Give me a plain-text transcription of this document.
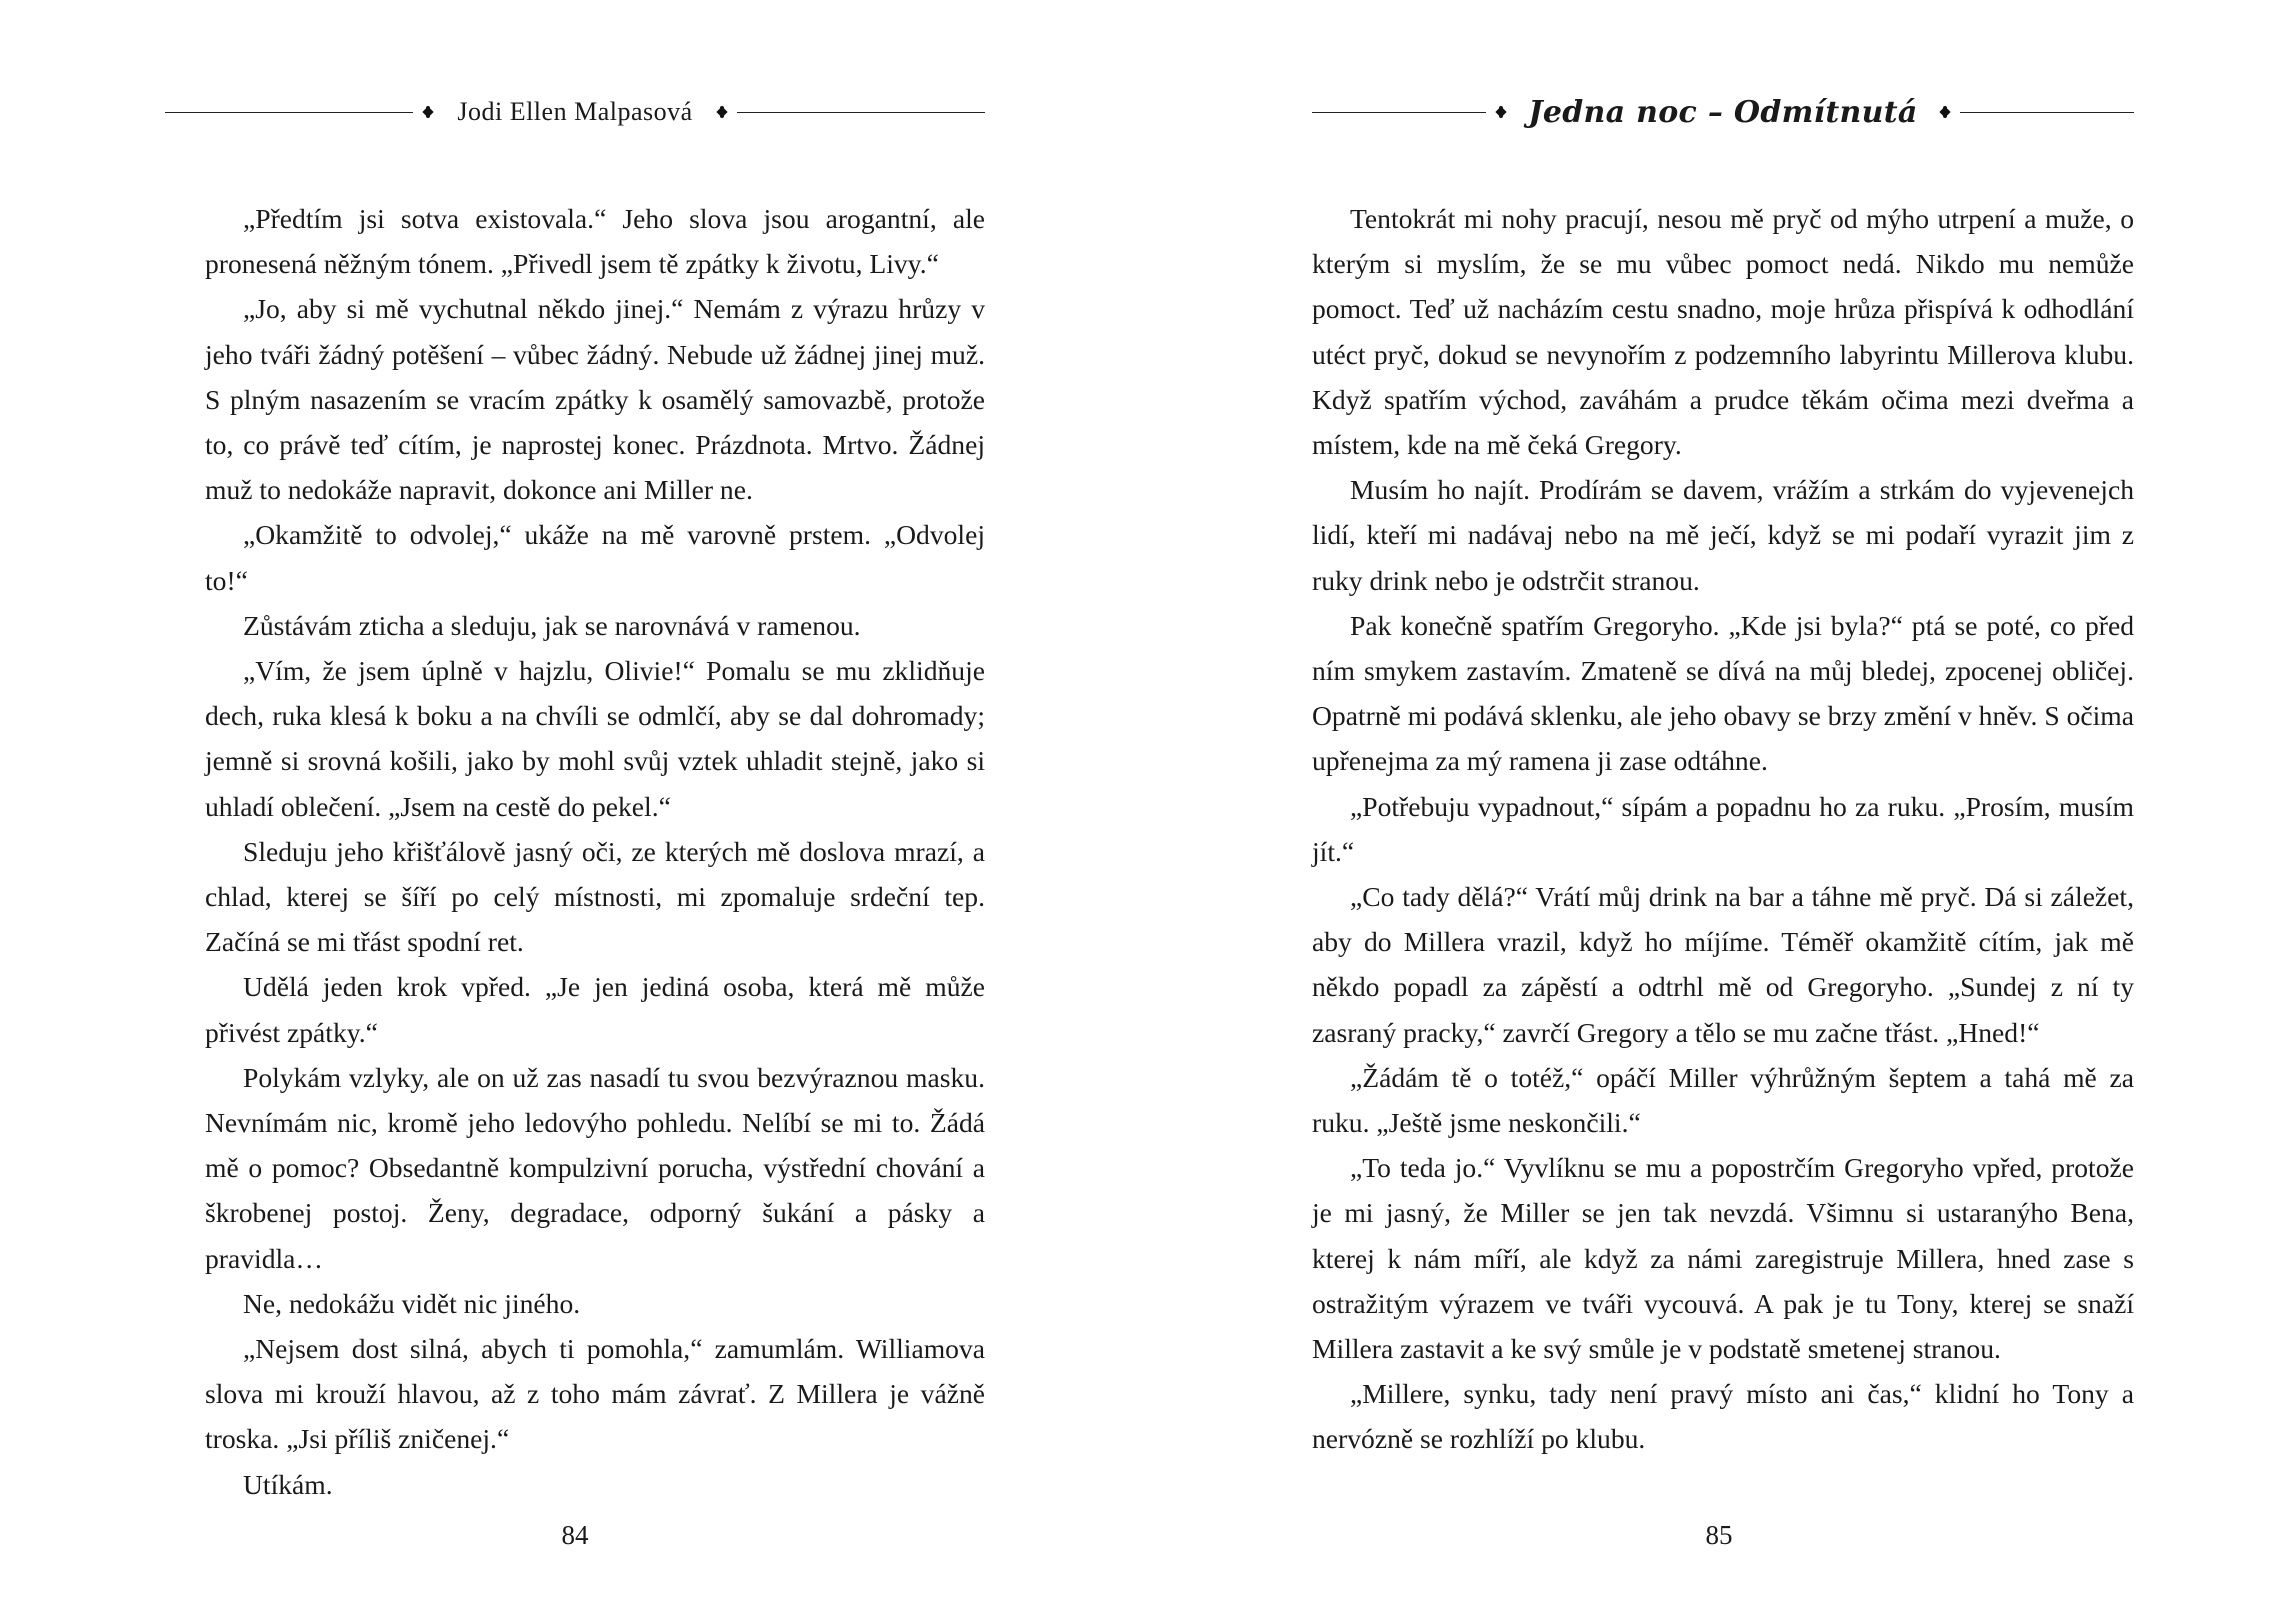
Jodi Ellen Malpasová

„Předtím jsi sotva existovala.“ Jeho slova jsou arogantní, ale pronesená něžným tónem. „Přivedl jsem tě zpátky k životu, Livy.“

„Jo, aby si mě vychutnal někdo jinej.“ Nemám z výrazu hrůzy v jeho tváři žádný potěšení – vůbec žádný. Nebude už žádnej jinej muž. S plným nasazením se vracím zpátky k osamělý samovazbě, protože to, co právě teď cítím, je naprostej konec. Prázdnota. Mrtvo. Žádnej muž to nedokáže napravit, dokonce ani Miller ne.

„Okamžitě to odvolej,“ ukáže na mě varovně prstem. „Odvolej to!“

Zůstávám zticha a sleduju, jak se narovnává v ramenou.

„Vím, že jsem úplně v hajzlu, Olivie!“ Pomalu se mu zklidňuje dech, ruka klesá k boku a na chvíli se odmlčí, aby se dal dohromady; jemně si srovná košili, jako by mohl svůj vztek uhladit stejně, jako si uhladí oblečení. „Jsem na cestě do pekel.“

Sleduju jeho křišťálově jasný oči, ze kterých mě doslova mrazí, a chlad, kterej se šíří po celý místnosti, mi zpomaluje srdeční tep. Začíná se mi třást spodní ret.

Udělá jeden krok vpřed. „Je jen jediná osoba, která mě může přivést zpátky.“

Polykám vzlyky, ale on už zas nasadí tu svou bezvýraznou masku. Nevnímám nic, kromě jeho ledovýho pohledu. Nelíbí se mi to. Žádá mě o pomoc? Obsedantně kompulzivní porucha, výstřední chování a škrobenej postoj. Ženy, degradace, odporný šukání a pásky a pravidla…

Ne, nedokážu vidět nic jiného.

„Nejsem dost silná, abych ti pomohla,“ zamumlám. Williamova slova mi krouží hlavou, až z toho mám závrať. Z Millera je vážně troska. „Jsi příliš zničenej.“

Utíkám.

84
Jedna noc – Odmítnutá

Tentokrát mi nohy pracují, nesou mě pryč od mýho utrpení a muže, o kterým si myslím, že se mu vůbec pomoct nedá. Nikdo mu nemůže pomoct. Teď už nacházím cestu snadno, moje hrůza přispívá k odhodlání utéct pryč, dokud se nevynořím z podzemního labyrintu Millerova klubu. Když spatřím východ, zaváhám a prudce těkám očima mezi dveřma a místem, kde na mě čeká Gregory.

Musím ho najít. Prodírám se davem, vrážím a strkám do vyjevenejch lidí, kteří mi nadávaj nebo na mě ječí, když se mi podaří vyrazit jim z ruky drink nebo je odstrčit stranou.

Pak konečně spatřím Gregoryho. „Kde jsi byla?“ ptá se poté, co před ním smykem zastavím. Zmateně se dívá na můj bledej, zpocenej obličej. Opatrně mi podává sklenku, ale jeho obavy se brzy změní v hněv. S očima upřenejma za mý ramena ji zase odtáhne.

„Potřebuju vypadnout,“ sípám a popadnu ho za ruku. „Prosím, musím jít.“

„Co tady dělá?“ Vrátí můj drink na bar a táhne mě pryč. Dá si záležet, aby do Millera vrazil, když ho míjíme. Téměř okamžitě cítím, jak mě někdo popadl za zápěstí a odtrhl mě od Gregoryho. „Sundej z ní ty zasraný pracky,“ zavrčí Gregory a tělo se mu začne třást. „Hned!“

„Žádám tě o totéž,“ opáčí Miller výhrůžným šeptem a tahá mě za ruku. „Ještě jsme neskončili.“

„To teda jo.“ Vyvlíknu se mu a popostrčím Gregoryho vpřed, protože je mi jasný, že Miller se jen tak nevzdá. Všimnu si ustaranýho Bena, kterej k nám míří, ale když za námi zaregistruje Millera, hned zase s ostražitým výrazem ve tváři vycouvá. A pak je tu Tony, kterej se snaží Millera zastavit a ke svý smůle je v podstatě smetenej stranou.

„Millere, synku, tady není pravý místo ani čas,“ klidní ho Tony a nervózně se rozhlíží po klubu.

85
